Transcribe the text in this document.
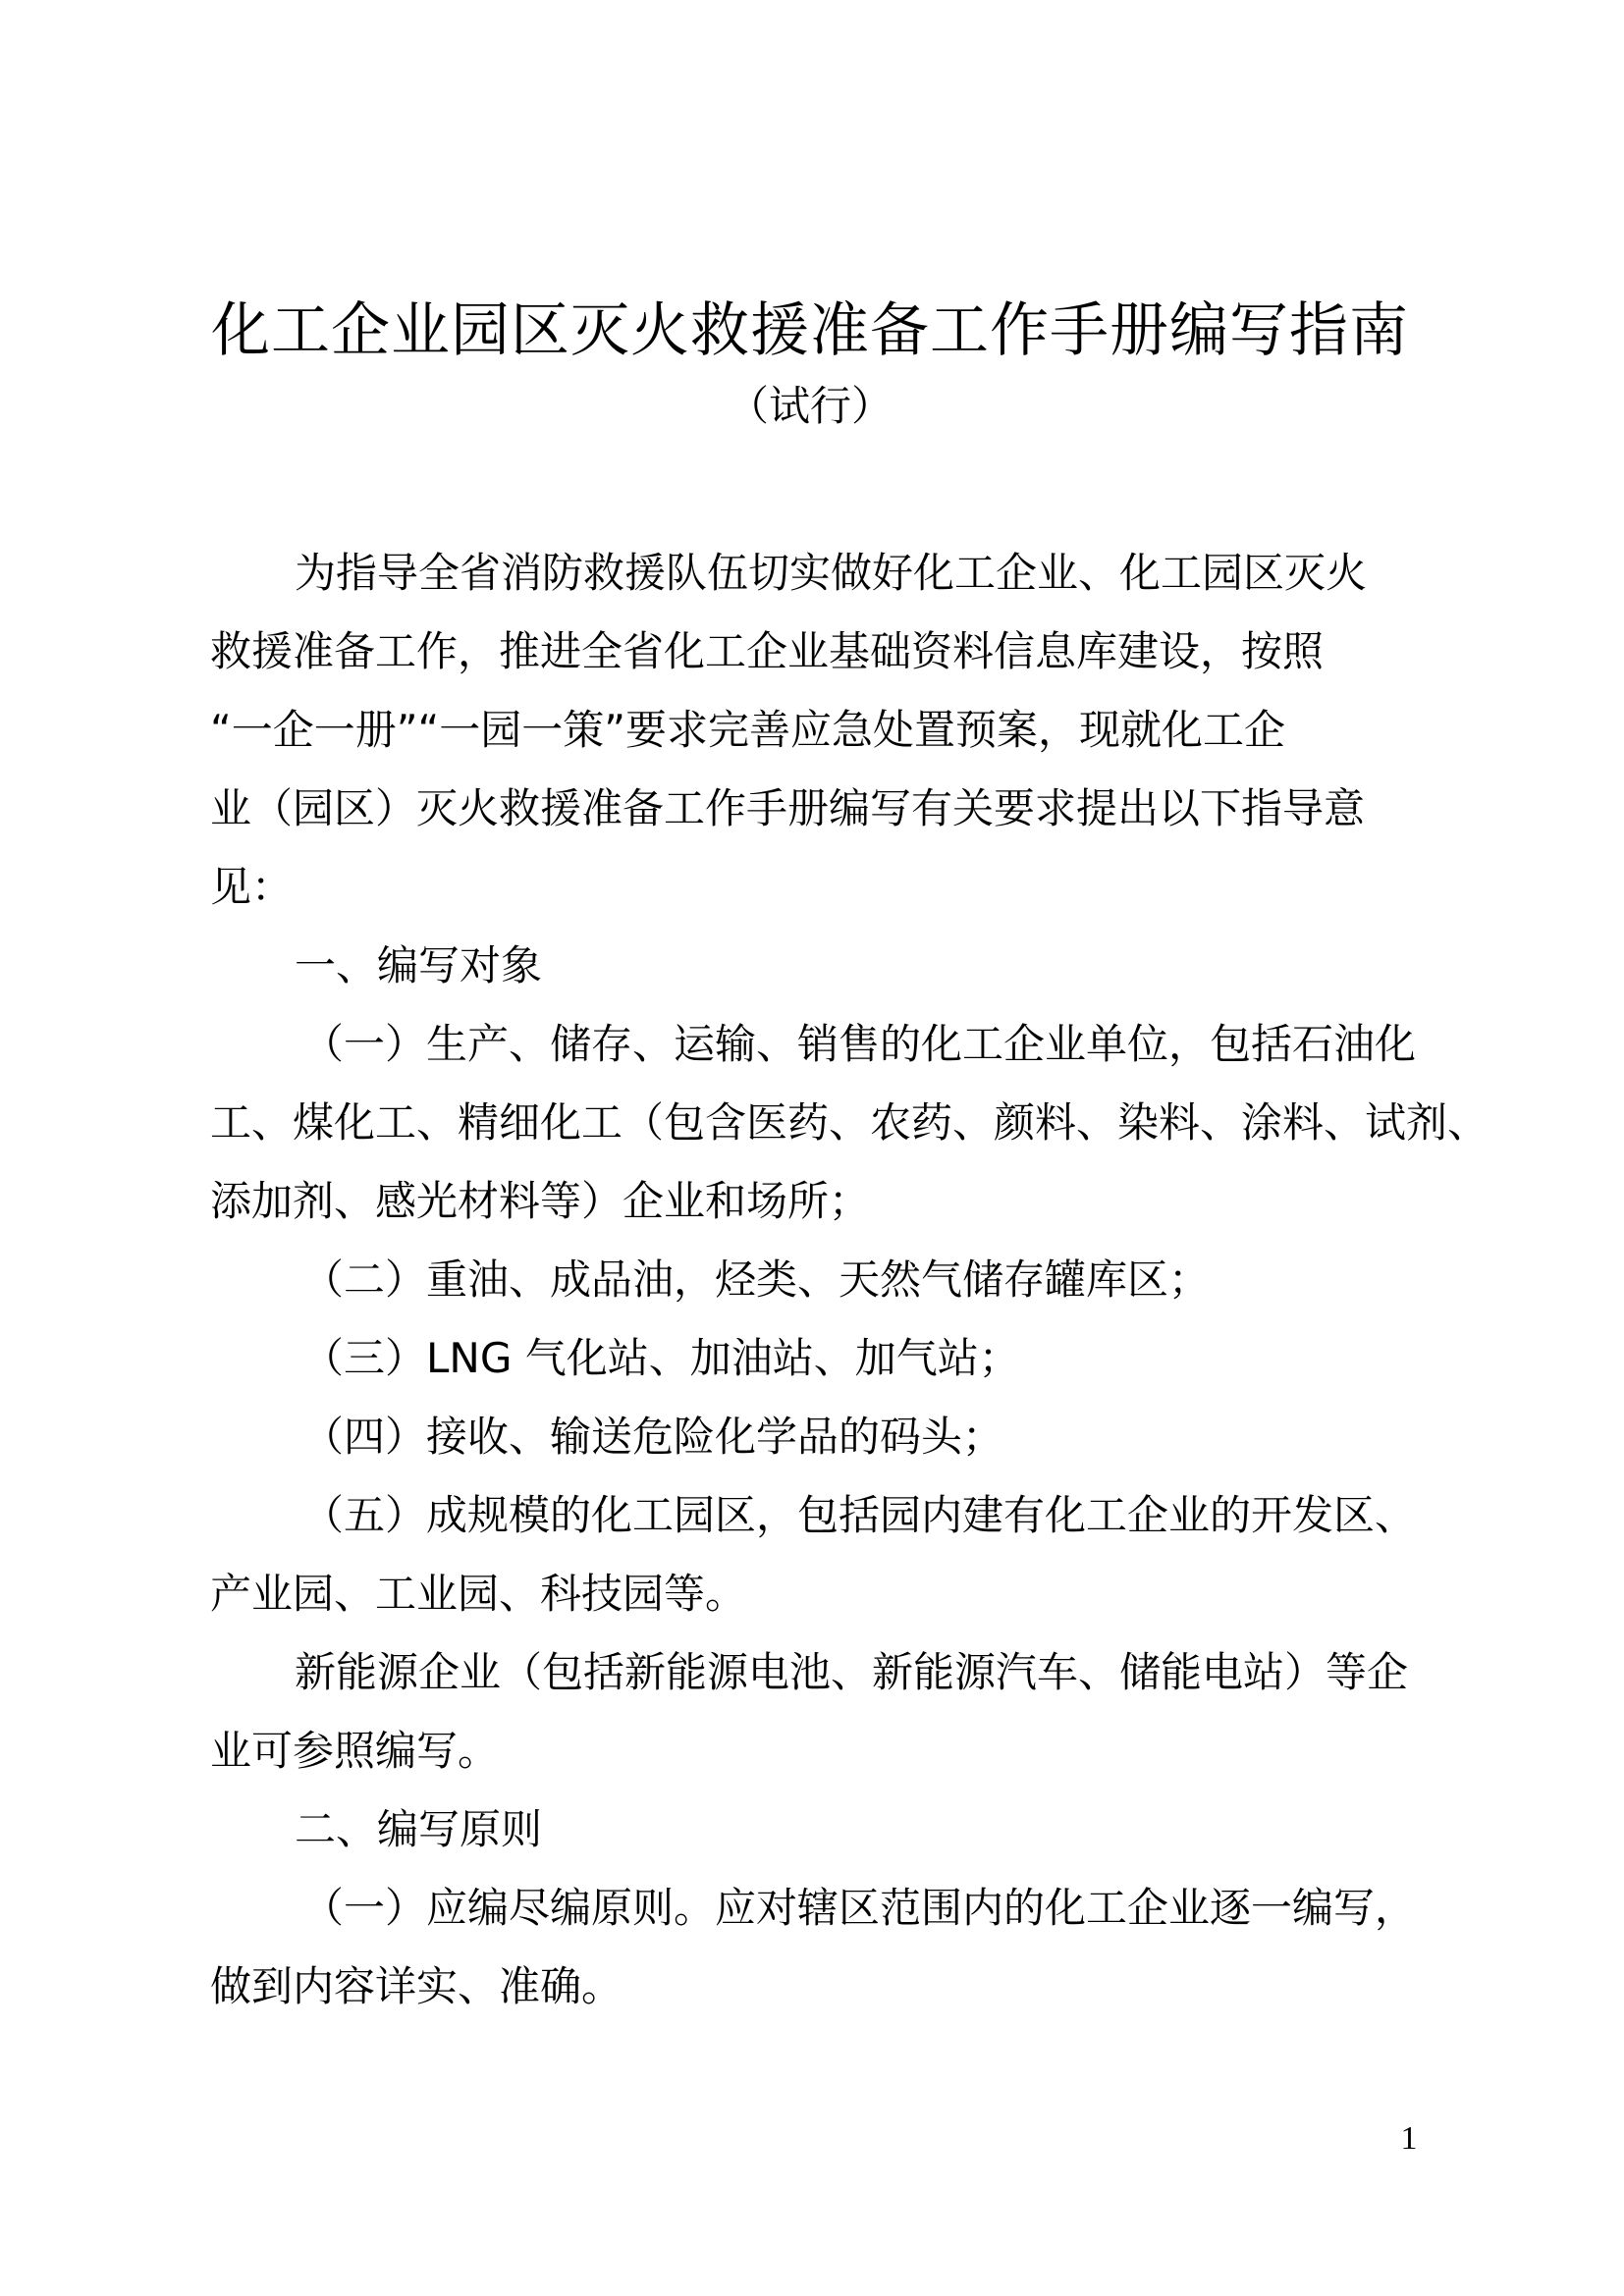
化工企业园区灭火救援准备工作手册编写指南
（试行）

为指导全省消防救援队伍切实做好化工企业、化工园区灭火

救援准备工作，推进全省化工企业基础资料信息库建设，按照

“一企一册”“一园一策”要求完善应急处置预案，现就化工企

业（园区）灭火救援准备工作手册编写有关要求提出以下指导意

见：

一、编写对象

（一）生产、储存、运输、销售的化工企业单位，包括石油化

工、煤化工、精细化工（包含医药、农药、颜料、染料、涂料、试剂、

添加剂、感光材料等）企业和场所；

（二）重油、成品油，烃类、天然气储存罐库区；

（三）LNG 气化站、加油站、加气站；

（四）接收、输送危险化学品的码头；

（五）成规模的化工园区，包括园内建有化工企业的开发区、

产业园、工业园、科技园等。

新能源企业（包括新能源电池、新能源汽车、储能电站）等企

业可参照编写。

二、编写原则

（一）应编尽编原则。应对辖区范围内的化工企业逐一编写，

做到内容详实、准确。

1
